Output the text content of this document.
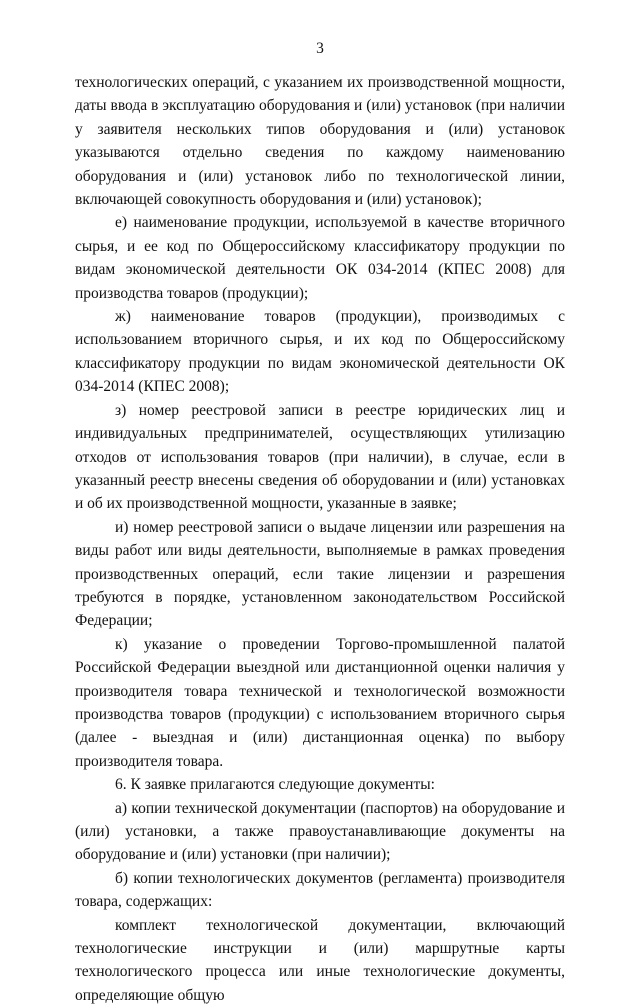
3

технологических операций, с указанием их производственной мощности, даты ввода в эксплуатацию оборудования и (или) установок (при наличии у заявителя нескольких типов оборудования и (или) установок указываются отдельно сведения по каждому наименованию оборудования и (или) установок либо по технологической линии, включающей совокупность оборудования и (или) установок);

е) наименование продукции, используемой в качестве вторичного сырья, и ее код по Общероссийскому классификатору продукции по видам экономической деятельности ОК 034-2014 (КПЕС 2008) для производства товаров (продукции);

ж) наименование товаров (продукции), производимых с использованием вторичного сырья, и их код по Общероссийскому классификатору продукции по видам экономической деятельности ОК 034-2014 (КПЕС 2008);

з) номер реестровой записи в реестре юридических лиц и индивидуальных предпринимателей, осуществляющих утилизацию отходов от использования товаров (при наличии), в случае, если в указанный реестр внесены сведения об оборудовании и (или) установках и об их производственной мощности, указанные в заявке;

и) номер реестровой записи о выдаче лицензии или разрешения на виды работ или виды деятельности, выполняемые в рамках проведения производственных операций, если такие лицензии и разрешения требуются в порядке, установленном законодательством Российской Федерации;

к) указание о проведении Торгово-промышленной палатой Российской Федерации выездной или дистанционной оценки наличия у производителя товара технической и технологической возможности производства товаров (продукции) с использованием вторичного сырья (далее - выездная и (или) дистанционная оценка) по выбору производителя товара.

6. К заявке прилагаются следующие документы:

а) копии технической документации (паспортов) на оборудование и (или) установки, а также правоустанавливающие документы на оборудование и (или) установки (при наличии);

б) копии технологических документов (регламента) производителя товара, содержащих:

комплект технологической документации, включающий технологические инструкции и (или) маршрутные карты технологического процесса или иные технологические документы, определяющие общую
